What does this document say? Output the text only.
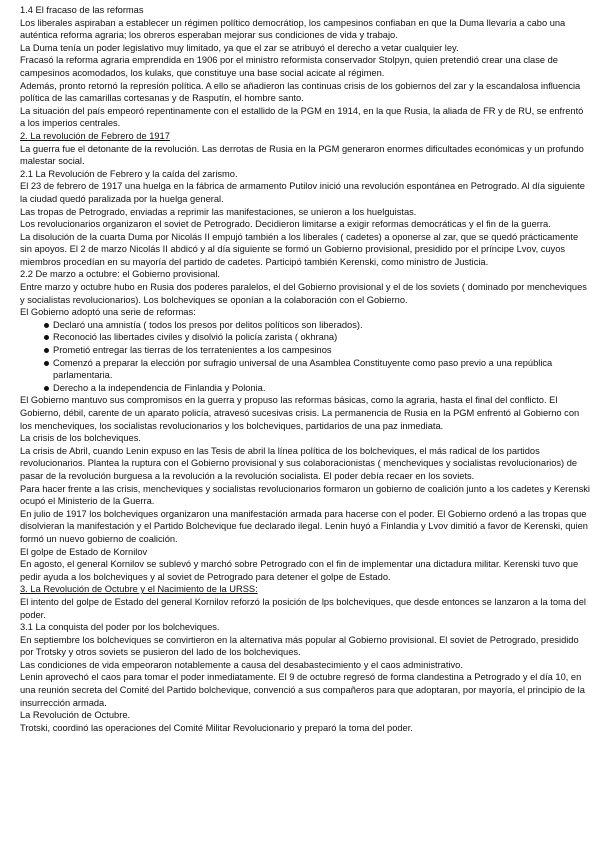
1.4 El fracaso de las reformas

Los liberales aspiraban a establecer un régimen político democrátiop, los campesinos confiaban en que la Duma llevaría a cabo una auténtica reforma agraria; los obreros esperaban mejorar sus condiciones de vida y trabajo.

La Duma tenía un poder legislativo muy limitado, ya que el zar se atribuyó el derecho a vetar cualquier ley.

Fracasó la reforma agraria emprendida en 1906 por el ministro reformista conservador Stolpyn, quien pretendió crear una clase de campesinos acomodados, los kulaks, que constituye una base social acicate al régimen.

Además, pronto retornó la represión política. A ello se añadieron las continuas crisis de los gobiernos del zar y la escandalosa influencia política de las camarillas cortesanas y de Rasputín, el hombre santo.

La situación del país empeoró repentinamente con el estallido de la PGM en 1914, en la que Rusia, la aliada de FR y de RU, se enfrentó a los imperios centrales.

2. La revolución de Febrero de 1917

La guerra fue el detonante de la revolución. Las derrotas de Rusia en la PGM generaron enormes dificultades económicas y un profundo malestar social.

2.1 La Revolución de Febrero y la caída del zarismo.

El 23 de febrero de 1917 una huelga en la fábrica de armamento Putilov inició una revolución espontánea en Petrogrado. Al día siguiente la ciudad quedó paralizada por la huelga general.

Las tropas de Petrogrado, enviadas a reprimir las manifestaciones, se unieron a los huelguistas.

Los revolucionarios organizaron el soviet de Petrogrado. Decidieron limitarse a exigir reformas democráticas y el fin de la guerra.

La disolución de la cuarta Duma por Nicolás II empujó también a los liberales ( cadetes) a oponerse al zar, que se quedó prácticamente sin apoyos. El 2 de marzo Nicolás II abdicó y al día siguiente se formó un Gobierno provisional, presidido por el príncipe Lvov, cuyos miembros procedían en su mayoría del partido de cadetes. Participó también Kerenski, como ministro de Justicia.

2.2 De marzo a octubre: el Gobierno provisional.

Entre marzo y octubre hubo en Rusia dos poderes paralelos, el del Gobierno provisional y el de los soviets ( dominado por mencheviques y socialistas revolucionarios). Los bolcheviques se oponían a la colaboración con el Gobierno.

El Gobierno adoptó una serie de reformas:

Declaró una amnistía ( todos los presos por delitos políticos son liberados).
Reconoció las libertades civiles y disolvió la policía zarista ( okhrana)
Prometió entregar las tierras de los terratenientes a los campesinos
Comenzó a preparar la elección por sufragio universal de una Asamblea Constituyente como paso previo a una república parlamentaria.
Derecho a la independencia de Finlandia y Polonia.

El Gobierno mantuvo sus compromisos en la guerra y propuso las reformas básicas, como la agraria, hasta el final del conflicto. El Gobierno, débil, carente de un aparato policía, atravesó sucesivas crisis. La permanencia de Rusia en la PGM enfrentó al Gobierno con los mencheviques, los socialistas revolucionarios y los bolcheviques, partidarios de una paz inmediata.

La crisis de los bolcheviques.

La crisis de Abril, cuando Lenin expuso en las Tesis de abril la línea política de los bolcheviques, el más radical de los partidos revolucionarios. Plantea la ruptura con el Gobierno provisional y sus colaboracionistas ( mencheviques y socialistas revolucionarios) de pasar de la revolución burguesa a la revolución a la revolución socialista. El poder debía recaer en los soviets.

Para hacer frente a las crisis, mencheviques y socialistas revolucionarios formaron un gobierno de coalición junto a los cadetes y Kerenski ocupó el Ministerio de la Guerra.

En julio de 1917 los bolcheviques organizaron una manifestación armada para hacerse con el poder. El Gobierno ordenó a las tropas que disolvieran la manifestación y el Partido Bolchevique fue declarado ilegal. Lenin huyó a Finlandia y Lvov dimitió a favor de Kerenski, quien formó un nuevo gobierno de coalición.

El golpe de Estado de Kornilov

En agosto, el general Kornilov se sublevó y marchó sobre Petrogrado con el fin de implementar una dictadura militar. Kerenski tuvo que pedir ayuda a los bolcheviques y al soviet de Petrogrado para detener el golpe de Estado.

3. La Revolución de Octubre y el Nacimiento de la URSS:

El intento del golpe de Estado del general Kornilov reforzó la posición de lps bolcheviques, que desde entonces se lanzaron a la toma del poder.

3.1 La conquista del poder por los bolcheviques.

En septiembre los bolcheviques se convirtieron en la alternativa más popular al Gobierno provisional. El soviet de Petrogrado, presidido por Trotsky y otros soviets se pusieron del lado de los bolcheviques.

Las condiciones de vida empeoraron notablemente a causa del desabastecimiento y el caos administrativo.

Lenin aprovechó el caos para tomar el poder inmediatamente. El 9 de octubre regresó de forma clandestina a Petrogrado y el día 10, en una reunión secreta del Comité del Partido bolchevique, convenció a sus compañeros para que adoptaran, por mayoría, el principio de la insurrección armada.

La Revolución de Octubre.

Trotski, coordinó las operaciones del Comité Militar Revolucionario y preparó la toma del poder.
